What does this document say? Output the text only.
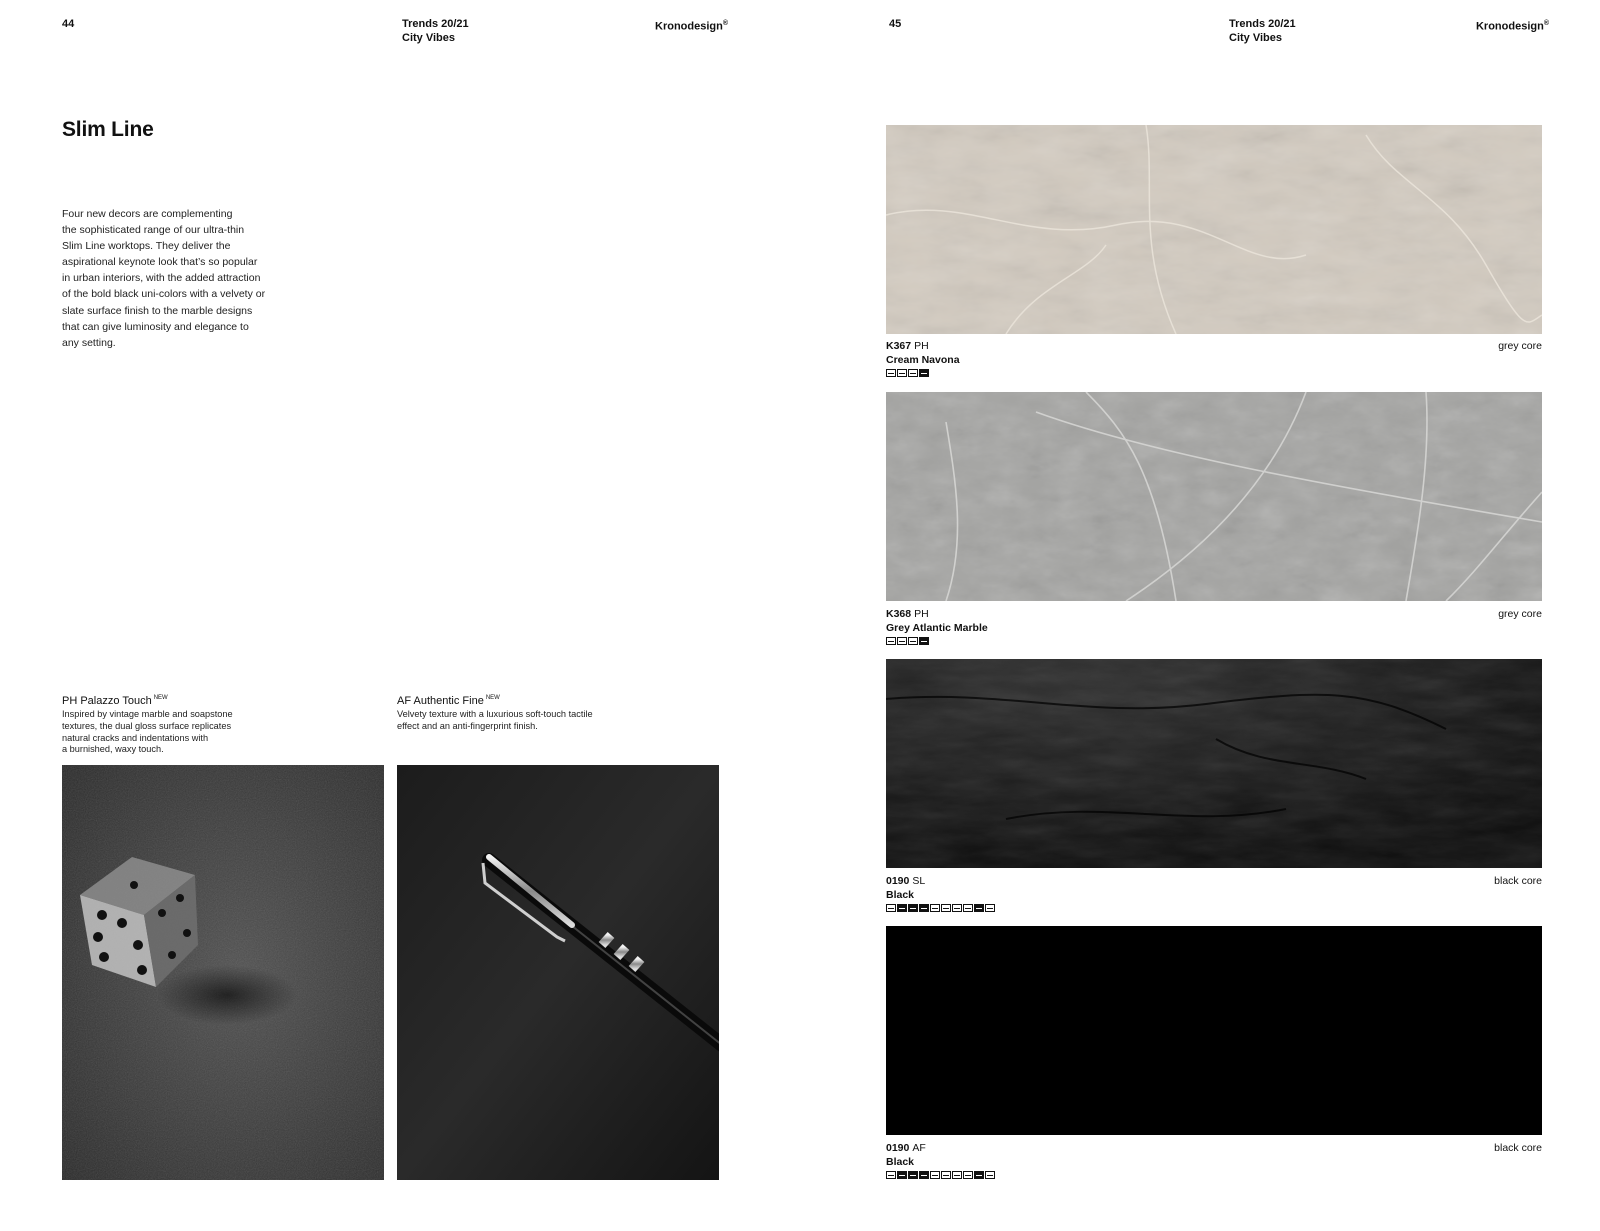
44	Trends 20/21
City Vibes
Kronodesign®	45	Trends 20/21
City Vibes
Kronodesign®
Slim Line
Four new decors are complementing
the sophisticated range of our ultra-thin
Slim Line worktops. They deliver the
aspirational keynote look that’s so popular
in urban interiors, with the added attraction
of the bold black uni-colors with a velvety or
slate surface finish to the marble designs
that can give luminosity and elegance to
any setting.
PH Palazzo Touch $^{NEW}$
Inspired by vintage marble and soapstone
textures, the dual gloss surface replicates
natural cracks and indentations with
a burnished, waxy touch.
AF Authentic Fine $^{NEW}$
Velvety texture with a luxurious soft-touch tactile
effect and an anti-fingerprint finish.
K367 PH
Cream Navona
grey core
K368 PH
Grey Atlantic Marble
grey core
0190 SL
Black
black core
0190 AF
Black
black core
